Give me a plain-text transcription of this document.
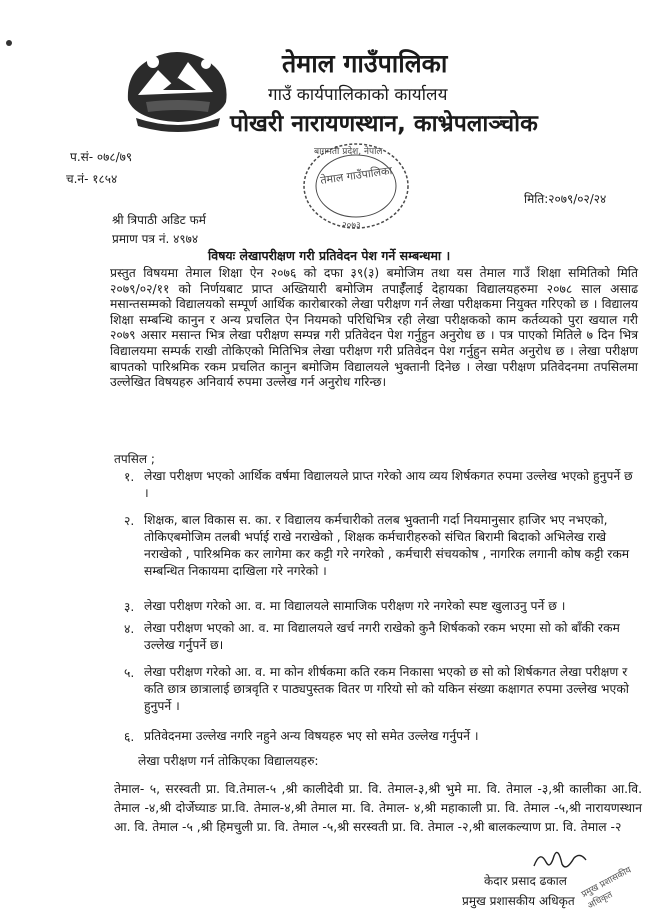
तेमाल गाउँपालिका
गाउँ कार्यपालिकाको कार्यालय
पोखरी नारायणस्थान, काभ्रेपलाञ्चोक
बागमती प्रदेश, नेपाल
तेमाल गाउँपालिका
२०७३
प.सं- ०७८/७९
च.नं- १८५४
मिति:२०७९/०२/२४
श्री त्रिपाठी अडिट फर्म
प्रमाण पत्र नं. ४९७४
विषयः लेखापरीक्षण गरी प्रतिवेदन पेश गर्ने सम्बन्धमा ।
प्रस्तुत विषयमा तेमाल शिक्षा ऐन २०७६ को दफा ३९(३) बमोजिम तथा यस तेमाल गाउँ शिक्षा समितिको मिति २०७९/०२/११ को निर्णयबाट प्राप्त अख्तियारी बमोजिम तपाईँलाई देहायका विद्यालयहरुमा २०७८ साल असाढ मसान्तसम्मको विद्यालयको सम्पूर्ण आर्थिक कारोबारको लेखा परीक्षण गर्न लेखा परीक्षकमा नियुक्त गरिएको छ । विद्यालय शिक्षा सम्बन्धि कानुन र अन्य प्रचलित ऐन नियमको परिधिभित्र रही लेखा परीक्षकको काम कर्तव्यको पुरा खयाल गरी २०७९ असार मसान्त भित्र लेखा परीक्षण सम्पन्न गरी प्रतिवेदन पेश गर्नुहुन अनुरोध छ । पत्र पाएको मितिले ७ दिन भित्र विद्यालयमा सम्पर्क राखी तोकिएको मितिभित्र लेखा परीक्षण गरी प्रतिवेदन पेश गर्नुहुन समेत अनुरोध छ । लेखा परीक्षण बापतको पारिश्रमिक रकम प्रचलित कानुन बमोजिम विद्यालयले भुक्तानी दिनेछ । लेखा परीक्षण प्रतिवेदनमा तपसिलमा उल्लेखित विषयहरु अनिवार्य रुपमा उल्लेख गर्न अनुरोध गरिन्छ।
तपसिल ;
१. लेखा परीक्षण भएको आर्थिक वर्षमा विद्यालयले प्राप्त गरेको आय व्यय शिर्षकगत रुपमा उल्लेख भएको हुनुपर्ने छ ।
२. शिक्षक, बाल विकास स. का. र विद्यालय कर्मचारीको तलब भुक्तानी गर्दा नियमानुसार हाजिर भए नभएको, तोकिएबमोजिम तलबी भर्पाई राखे नराखेको , शिक्षक कर्मचारीहरुको संचित बिरामी बिदाको अभिलेख राखे नराखेको , पारिश्रमिक कर लागेमा कर कट्टी गरे नगरेको , कर्मचारी संचयकोष , नागरिक लगानी कोष कट्टी रकम सम्बन्धित निकायमा दाखिला गरे नगरेको ।
३. लेखा परीक्षण गरेको आ. व. मा विद्यालयले सामाजिक परीक्षण गरे नगरेको स्पष्ट खुलाउनु पर्ने छ ।
४. लेखा परीक्षण भएको आ. व. मा विद्यालयले खर्च नगरी राखेको कुनै शिर्षकको रकम भएमा सो को बाँकी रकम उल्लेख गर्नुपर्ने छ।
५. लेखा परीक्षण गरेको आ. व. मा कोन शीर्षकमा कति रकम निकासा भएको छ सो को शिर्षकगत लेखा परीक्षण र कति छात्र छात्रालाई छात्रवृति र पाठ्यपुस्तक वितर ण गरियो सो को यकिन संख्या कक्षागत रुपमा उल्लेख भएको हुनुपर्ने ।
६. प्रतिवेदनमा उल्लेख नगरि नहुने अन्य विषयहरु भए सो समेत उल्लेख गर्नुपर्ने ।
लेखा परीक्षण गर्न तोकिएका विद्यालयहरु:
तेमाल- ५, सरस्वती प्रा. वि.तेमाल-५ ,श्री कालीदेवी प्रा. वि. तेमाल-३,श्री भुमे मा. वि. तेमाल -३,श्री कालीका आ.वि. तेमाल -४,श्री दोर्जेघ्याङ प्रा.वि. तेमाल-४,श्री तेमाल मा. वि. तेमाल- ४,श्री महाकाली प्रा. वि. तेमाल -५,श्री नारायणस्थान आ. वि. तेमाल -५ ,श्री हिमचुली प्रा. वि. तेमाल -५,श्री सरस्वती प्रा. वि. तेमाल -२,श्री बालकल्याण प्रा. वि. तेमाल -२
केदार प्रसाद ढकाल
प्रमुख प्रशासकीय अधिकृत
प्रमुख प्रशासकीय अधिकृत
